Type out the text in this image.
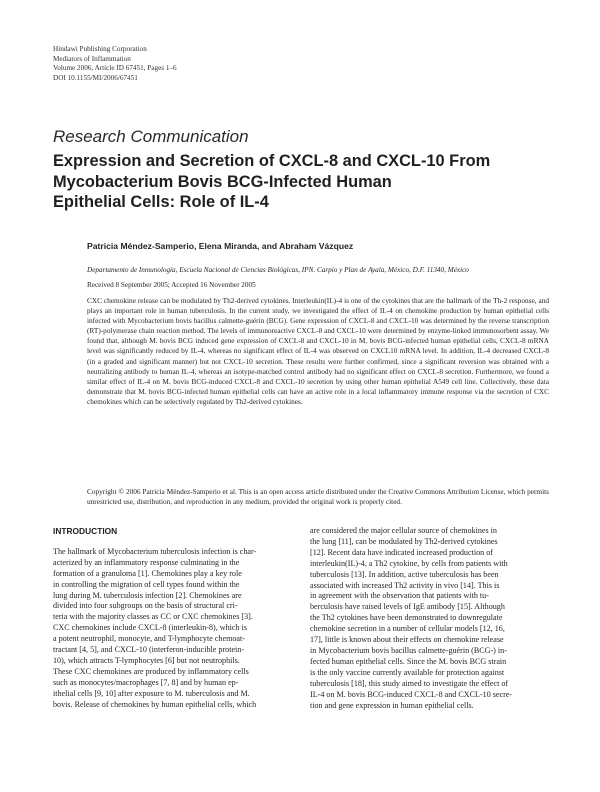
Hindawi Publishing Corporation
Mediators of Inflammation
Volume 2006, Article ID 67451, Pages 1–6
DOI 10.1155/MI/2006/67451
Research Communication
Expression and Secretion of CXCL-8 and CXCL-10 From
Mycobacterium Bovis BCG-Infected Human
Epithelial Cells: Role of IL-4
Patricia Méndez-Samperio, Elena Miranda, and Abraham Vázquez
Departamento de Inmunología, Escuela Nacional de Ciencias Biológicas, IPN. Carpio y Plan de Ayala, México, D.F. 11340, México
Received 8 September 2005; Accepted 16 November 2005
CXC chemokine release can be modulated by Th2-derived cytokines. Interleukin(IL)-4 is one of the cytokines that are the hallmark of the Th-2 response, and plays an important role in human tuberculosis. In the current study, we investigated the effect of IL-4 on chemokine production by human epithelial cells infected with Mycobacterium bovis bacillus calmette-guérin (BCG). Gene expression of CXCL-8 and CXCL-10 was determined by the reverse transcription (RT)-polymerase chain reaction method. The levels of immunoreactive CXCL-8 and CXCL-10 were determined by enzyme-linked immunosorbent assay. We found that, although M. bovis BCG induced gene expression of CXCL-8 and CXCL-10 in M. bovis BCG-infected human epithelial cells, CXCL-8 mRNA level was significantly reduced by IL-4, whereas no significant effect of IL-4 was observed on CXCL10 mRNA level. In addition, IL-4 decreased CXCL-8 (in a graded and significant manner) but not CXCL-10 secretion. These results were further confirmed, since a significant reversion was obtained with a neutralizing antibody to human IL-4, whereas an isotype-matched control antibody had no significant effect on CXCL-8 secretion. Furthermore, we found a similar effect of IL-4 on M. bovis BCG-induced CXCL-8 and CXCL-10 secretion by using other human epithelial A549 cell line. Collectively, these data demonstrate that M. bovis BCG-infected human epithelial cells can have an active role in a local inflammatory immune response via the secretion of CXC chemokines which can be selectively regulated by Th2-derived cytokines.
Copyright © 2006 Patricia Méndez-Samperio et al. This is an open access article distributed under the Creative Commons Attribution License, which permits unrestricted use, distribution, and reproduction in any medium, provided the original work is properly cited.
INTRODUCTION
The hallmark of Mycobacterium tuberculosis infection is char-
acterized by an inflammatory response culminating in the
formation of a granuloma [1]. Chemokines play a key role
in controlling the migration of cell types found within the
lung during M. tuberculosis infection [2]. Chemokines are
divided into four subgroups on the basis of structural cri-
teria with the majority classes as CC or CXC chemokines [3].
CXC chemokines include CXCL-8 (interleukin-8), which is
a potent neutrophil, monocyte, and T-lymphocyte chemoat-
tractant [4, 5], and CXCL-10 (interferon-inducible protein-
10), which attracts T-lymphocytes [6] but not neutrophils.
These CXC chemokines are produced by inflammatory cells
such as monocytes/macrophages [7, 8] and by human ep-
ithelial cells [9, 10] after exposure to M. tuberculosis and M.
bovis. Release of chemokines by human epithelial cells, which
are considered the major cellular source of chemokines in
the lung [11], can be modulated by Th2-derived cytokines
[12]. Recent data have indicated increased production of
interleukin(IL)-4, a Th2 cytokine, by cells from patients with
tuberculosis [13]. In addition, active tuberculosis has been
associated with increased Th2 activity in vivo [14]. This is
in agreement with the observation that patients with tu-
berculosis have raised levels of IgE antibody [15]. Although
the Th2 cytokines have been demonstrated to downregulate
chemokine secretion in a number of cellular models [12, 16,
17], little is known about their effects on chemokine release
in Mycobacterium bovis bacillus calmette-guérin (BCG-) in-
fected human epithelial cells. Since the M. bovis BCG strain
is the only vaccine currently available for protection against
tuberculosis [18], this study aimed to investigate the effect of
IL-4 on M. bovis BCG-induced CXCL-8 and CXCL-10 secre-
tion and gene expression in human epithelial cells.
